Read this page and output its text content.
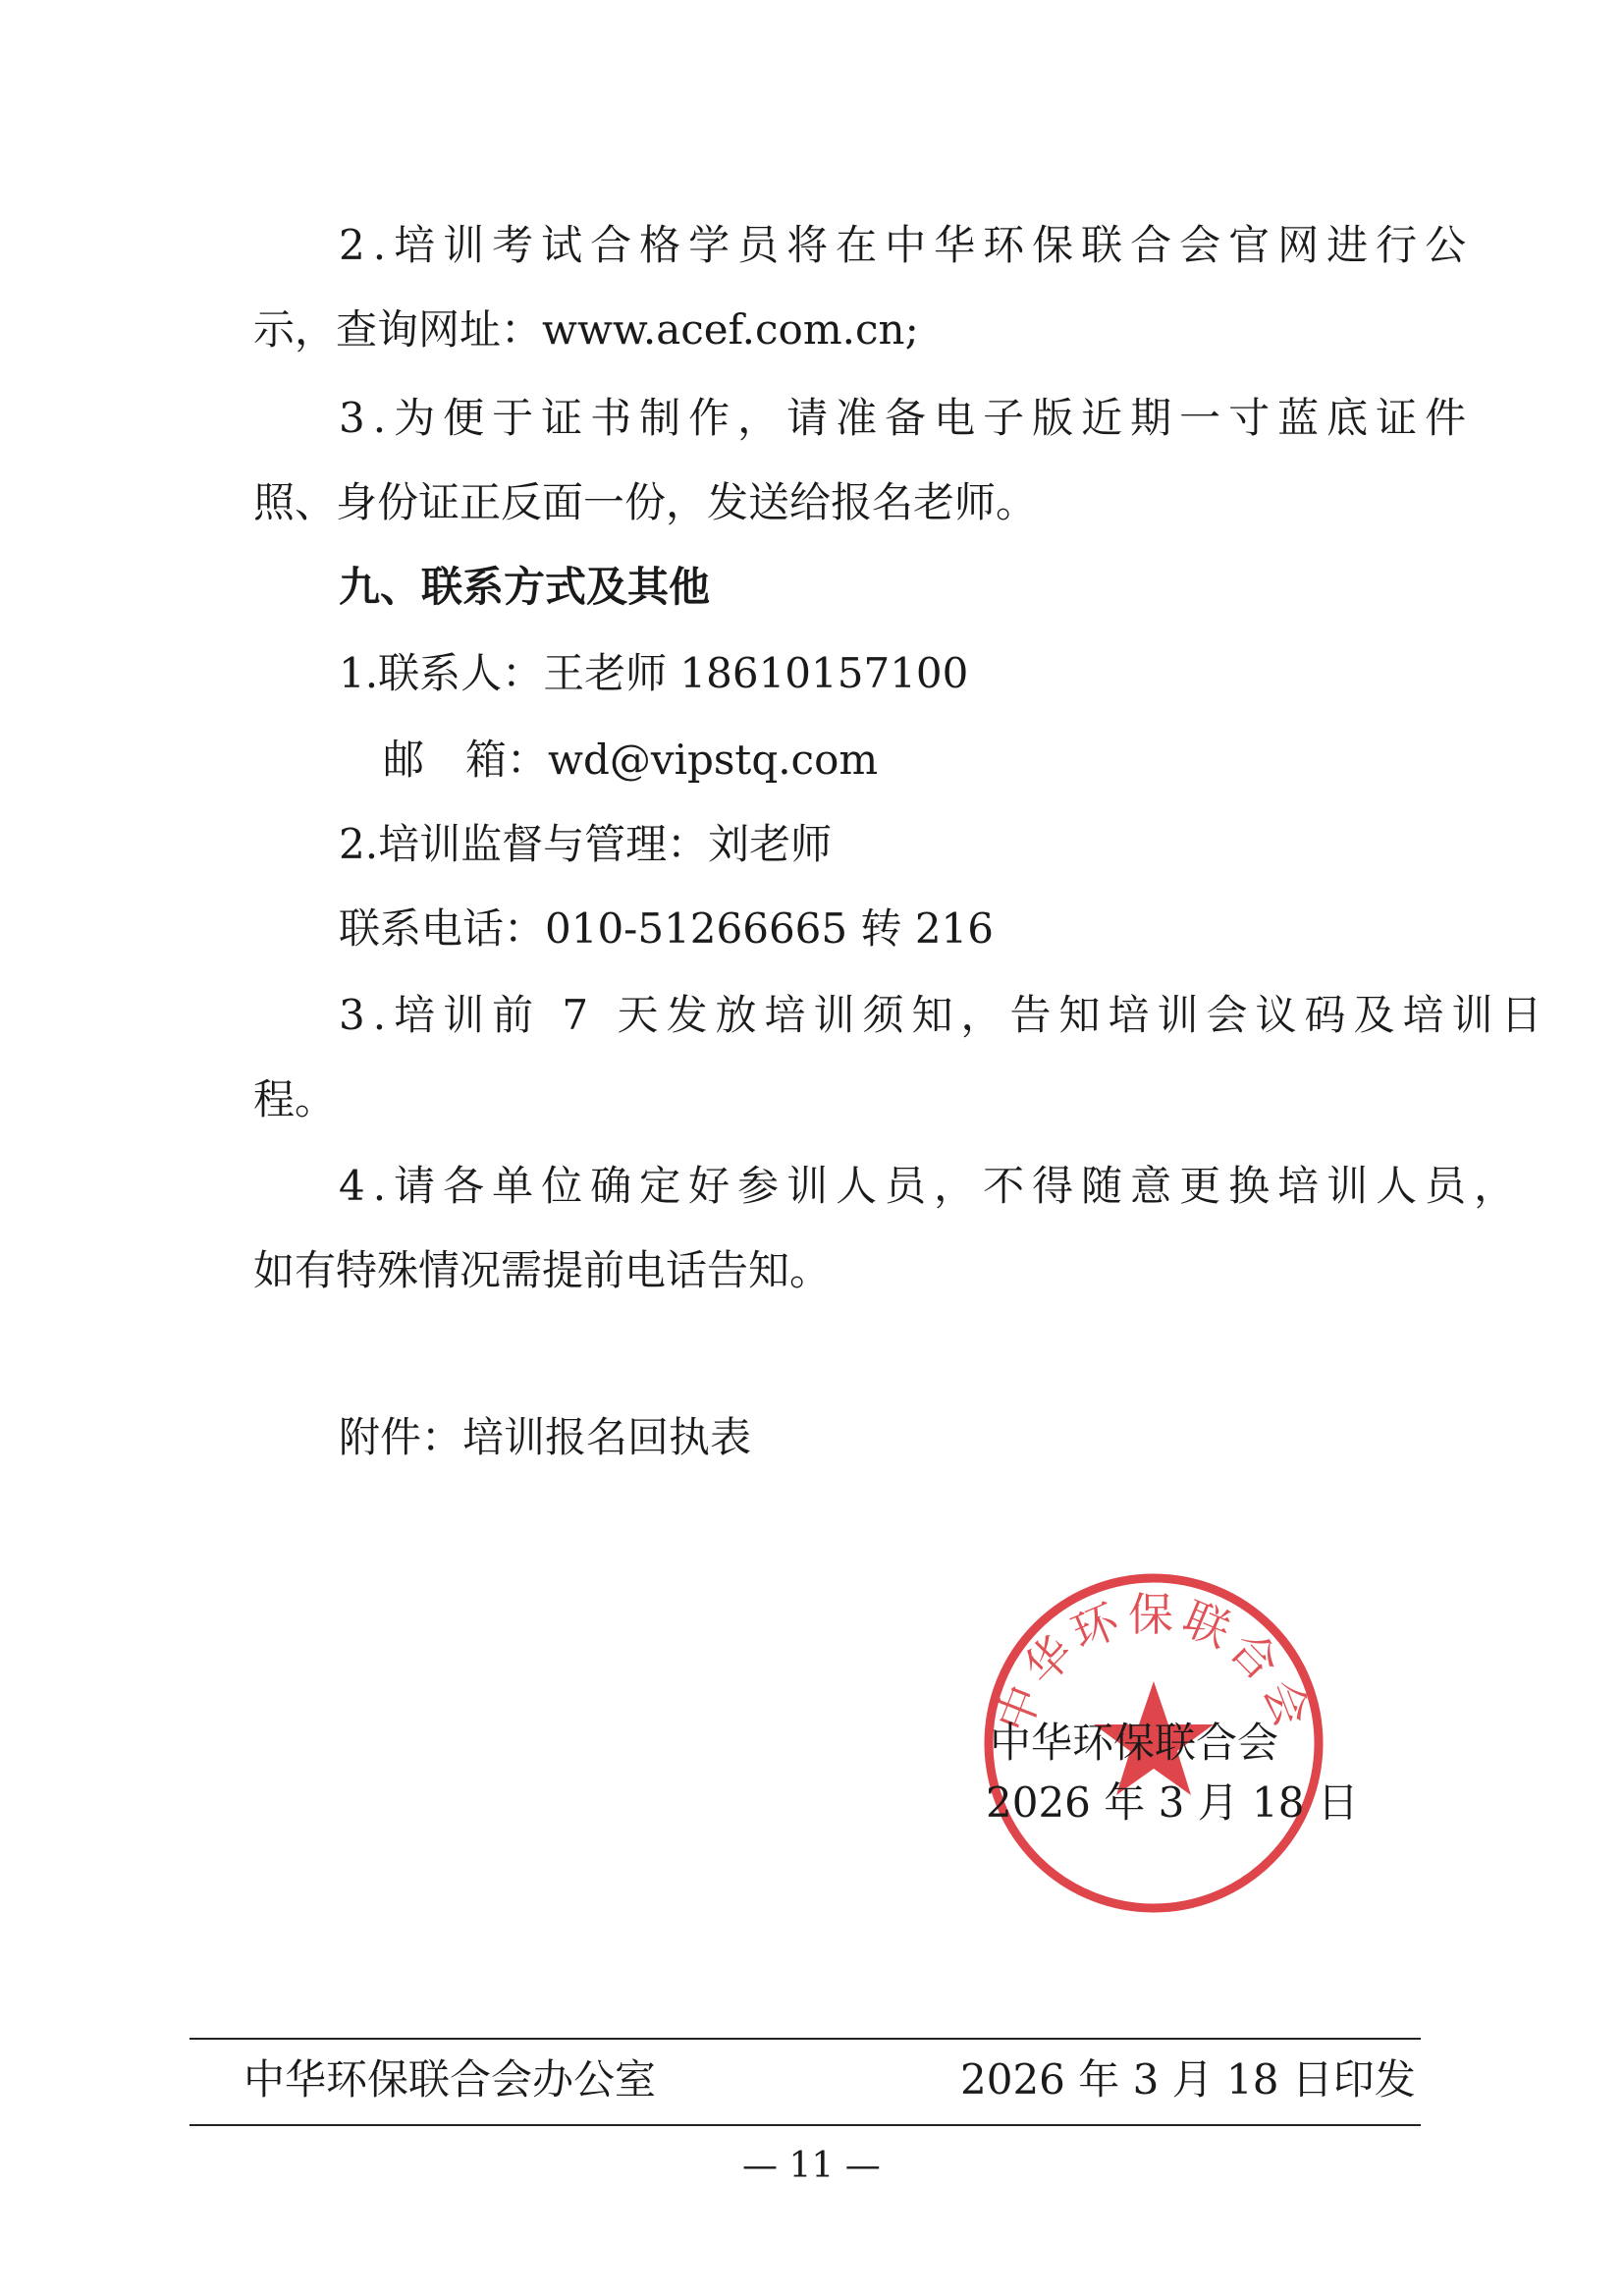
2.培训考试合格学员将在中华环保联合会官网进行公
示，查询网址：www.acef.com.cn;
3.为便于证书制作，请准备电子版近期一寸蓝底证件
照、身份证正反面一份，发送给报名老师。
九、联系方式及其他
1.联系人：王老师 18610157100
邮　箱：wd@vipstq.com
2.培训监督与管理：刘老师
联系电话：010-51266665 转 216
3.培训前 7 天发放培训须知，告知培训会议码及培训日
程。
4.请各单位确定好参训人员，不得随意更换培训人员，
如有特殊情况需提前电话告知。
附件：培训报名回执表
中华环保联合会
中华环保联合会
2026 年 3 月 18 日
中华环保联合会办公室	2026 年 3 月 18 日印发
— 11 —
